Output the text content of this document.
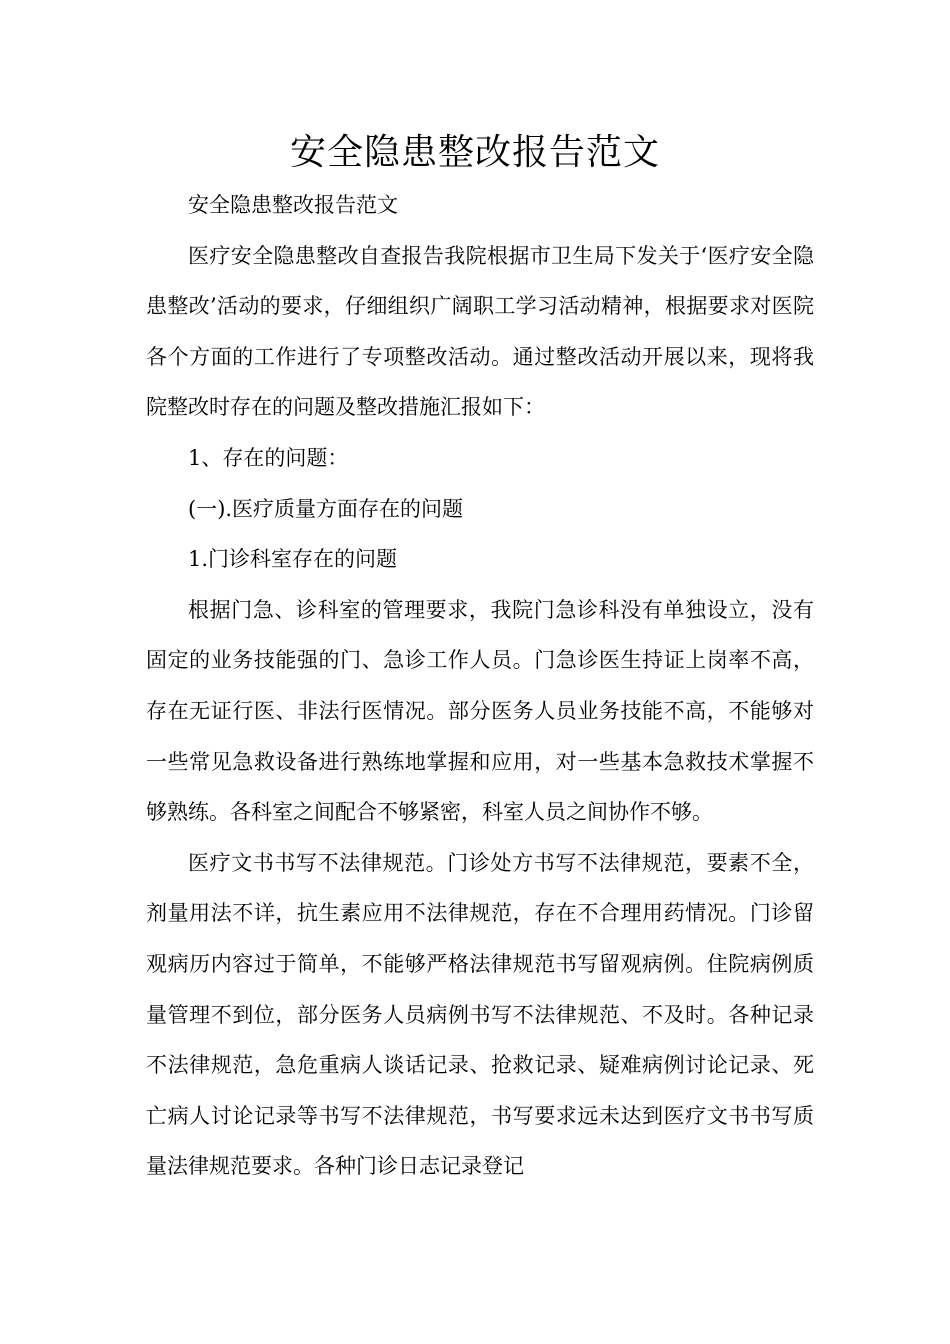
安全隐患整改报告范文

安全隐患整改报告范文

医疗安全隐患整改自查报告我院根据市卫生局下发关于‘医疗安全隐患整改’活动的要求，仔细组织广阔职工学习活动精神，根据要求对医院各个方面的工作进行了专项整改活动。通过整改活动开展以来，现将我院整改时存在的问题及整改措施汇报如下：

1、存在的问题：

(一).医疗质量方面存在的问题

1.门诊科室存在的问题

根据门急、诊科室的管理要求，我院门急诊科没有单独设立，没有固定的业务技能强的门、急诊工作人员。门急诊医生持证上岗率不高，存在无证行医、非法行医情况。部分医务人员业务技能不高，不能够对一些常见急救设备进行熟练地掌握和应用，对一些基本急救技术掌握不够熟练。各科室之间配合不够紧密，科室人员之间协作不够。

医疗文书书写不法律规范。门诊处方书写不法律规范，要素不全，剂量用法不详，抗生素应用不法律规范，存在不合理用药情况。门诊留观病历内容过于简单，不能够严格法律规范书写留观病例。住院病例质量管理不到位，部分医务人员病例书写不法律规范、不及时。各种记录不法律规范，急危重病人谈话记录、抢救记录、疑难病例讨论记录、死亡病人讨论记录等书写不法律规范，书写要求远未达到医疗文书书写质量法律规范要求。各种门诊日志记录登记
